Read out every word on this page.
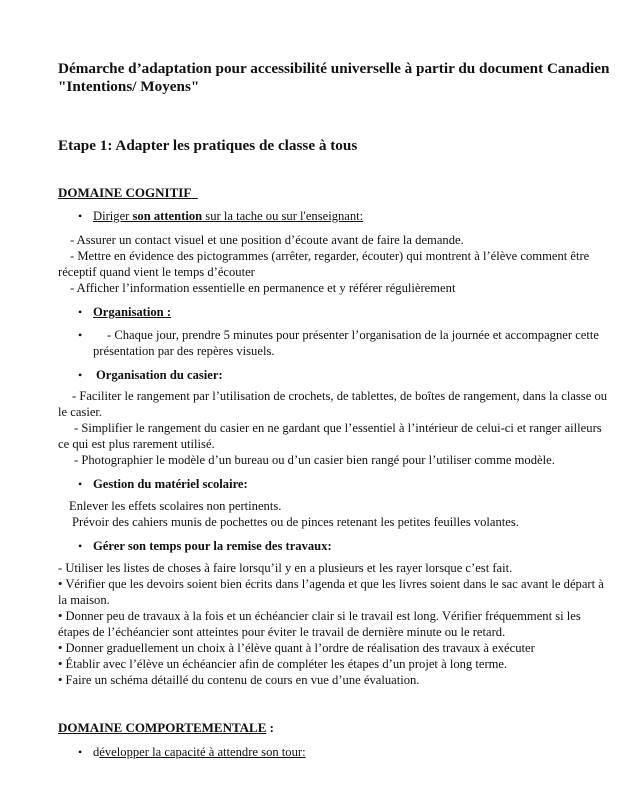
Démarche d’adaptation pour accessibilité universelle à partir du document Canadien
"Intentions/ Moyens"
Etape 1: Adapter les pratiques de classe à tous
DOMAINE COGNITIF
• Diriger son attention sur la tache ou sur l'enseignant:
- Assurer un contact visuel et une position d’écoute avant de faire la demande.
- Mettre en évidence des pictogrammes (arrêter, regarder, écouter) qui montrent à l’élève comment être
réceptif quand vient le temps d’écouter
- Afficher l’information essentielle en permanence et y référer régulièrement
• Organisation :
• - Chaque jour, prendre 5 minutes pour présenter l’organisation de la journée et accompagner cette
présentation par des repères visuels.
• Organisation du casier:
- Faciliter le rangement par l’utilisation de crochets, de tablettes, de boîtes de rangement, dans la classe ou
le casier.
- Simplifier le rangement du casier en ne gardant que l’essentiel à l’intérieur de celui-ci et ranger ailleurs
ce qui est plus rarement utilisé.
- Photographier le modèle d’un bureau ou d’un casier bien rangé pour l’utiliser comme modèle.
• Gestion du matériel scolaire:
Enlever les effets scolaires non pertinents.
Prévoir des cahiers munis de pochettes ou de pinces retenant les petites feuilles volantes.
• Gérer son temps pour la remise des travaux:
- Utiliser les listes de choses à faire lorsqu’il y en a plusieurs et les rayer lorsque c’est fait.
• Vérifier que les devoirs soient bien écrits dans l’agenda et que les livres soient dans le sac avant le départ à
la maison.
• Donner peu de travaux à la fois et un échéancier clair si le travail est long. Vérifier fréquemment si les
étapes de l’échéancier sont atteintes pour éviter le travail de dernière minute ou le retard.
• Donner graduellement un choix à l’élève quant à l’ordre de réalisation des travaux à exécuter
• Établir avec l’élève un échéancier afin de compléter les étapes d’un projet à long terme.
• Faire un schéma détaillé du contenu de cours en vue d’une évaluation.
DOMAINE COMPORTEMENTALE :
• développer la capacité à attendre son tour:
